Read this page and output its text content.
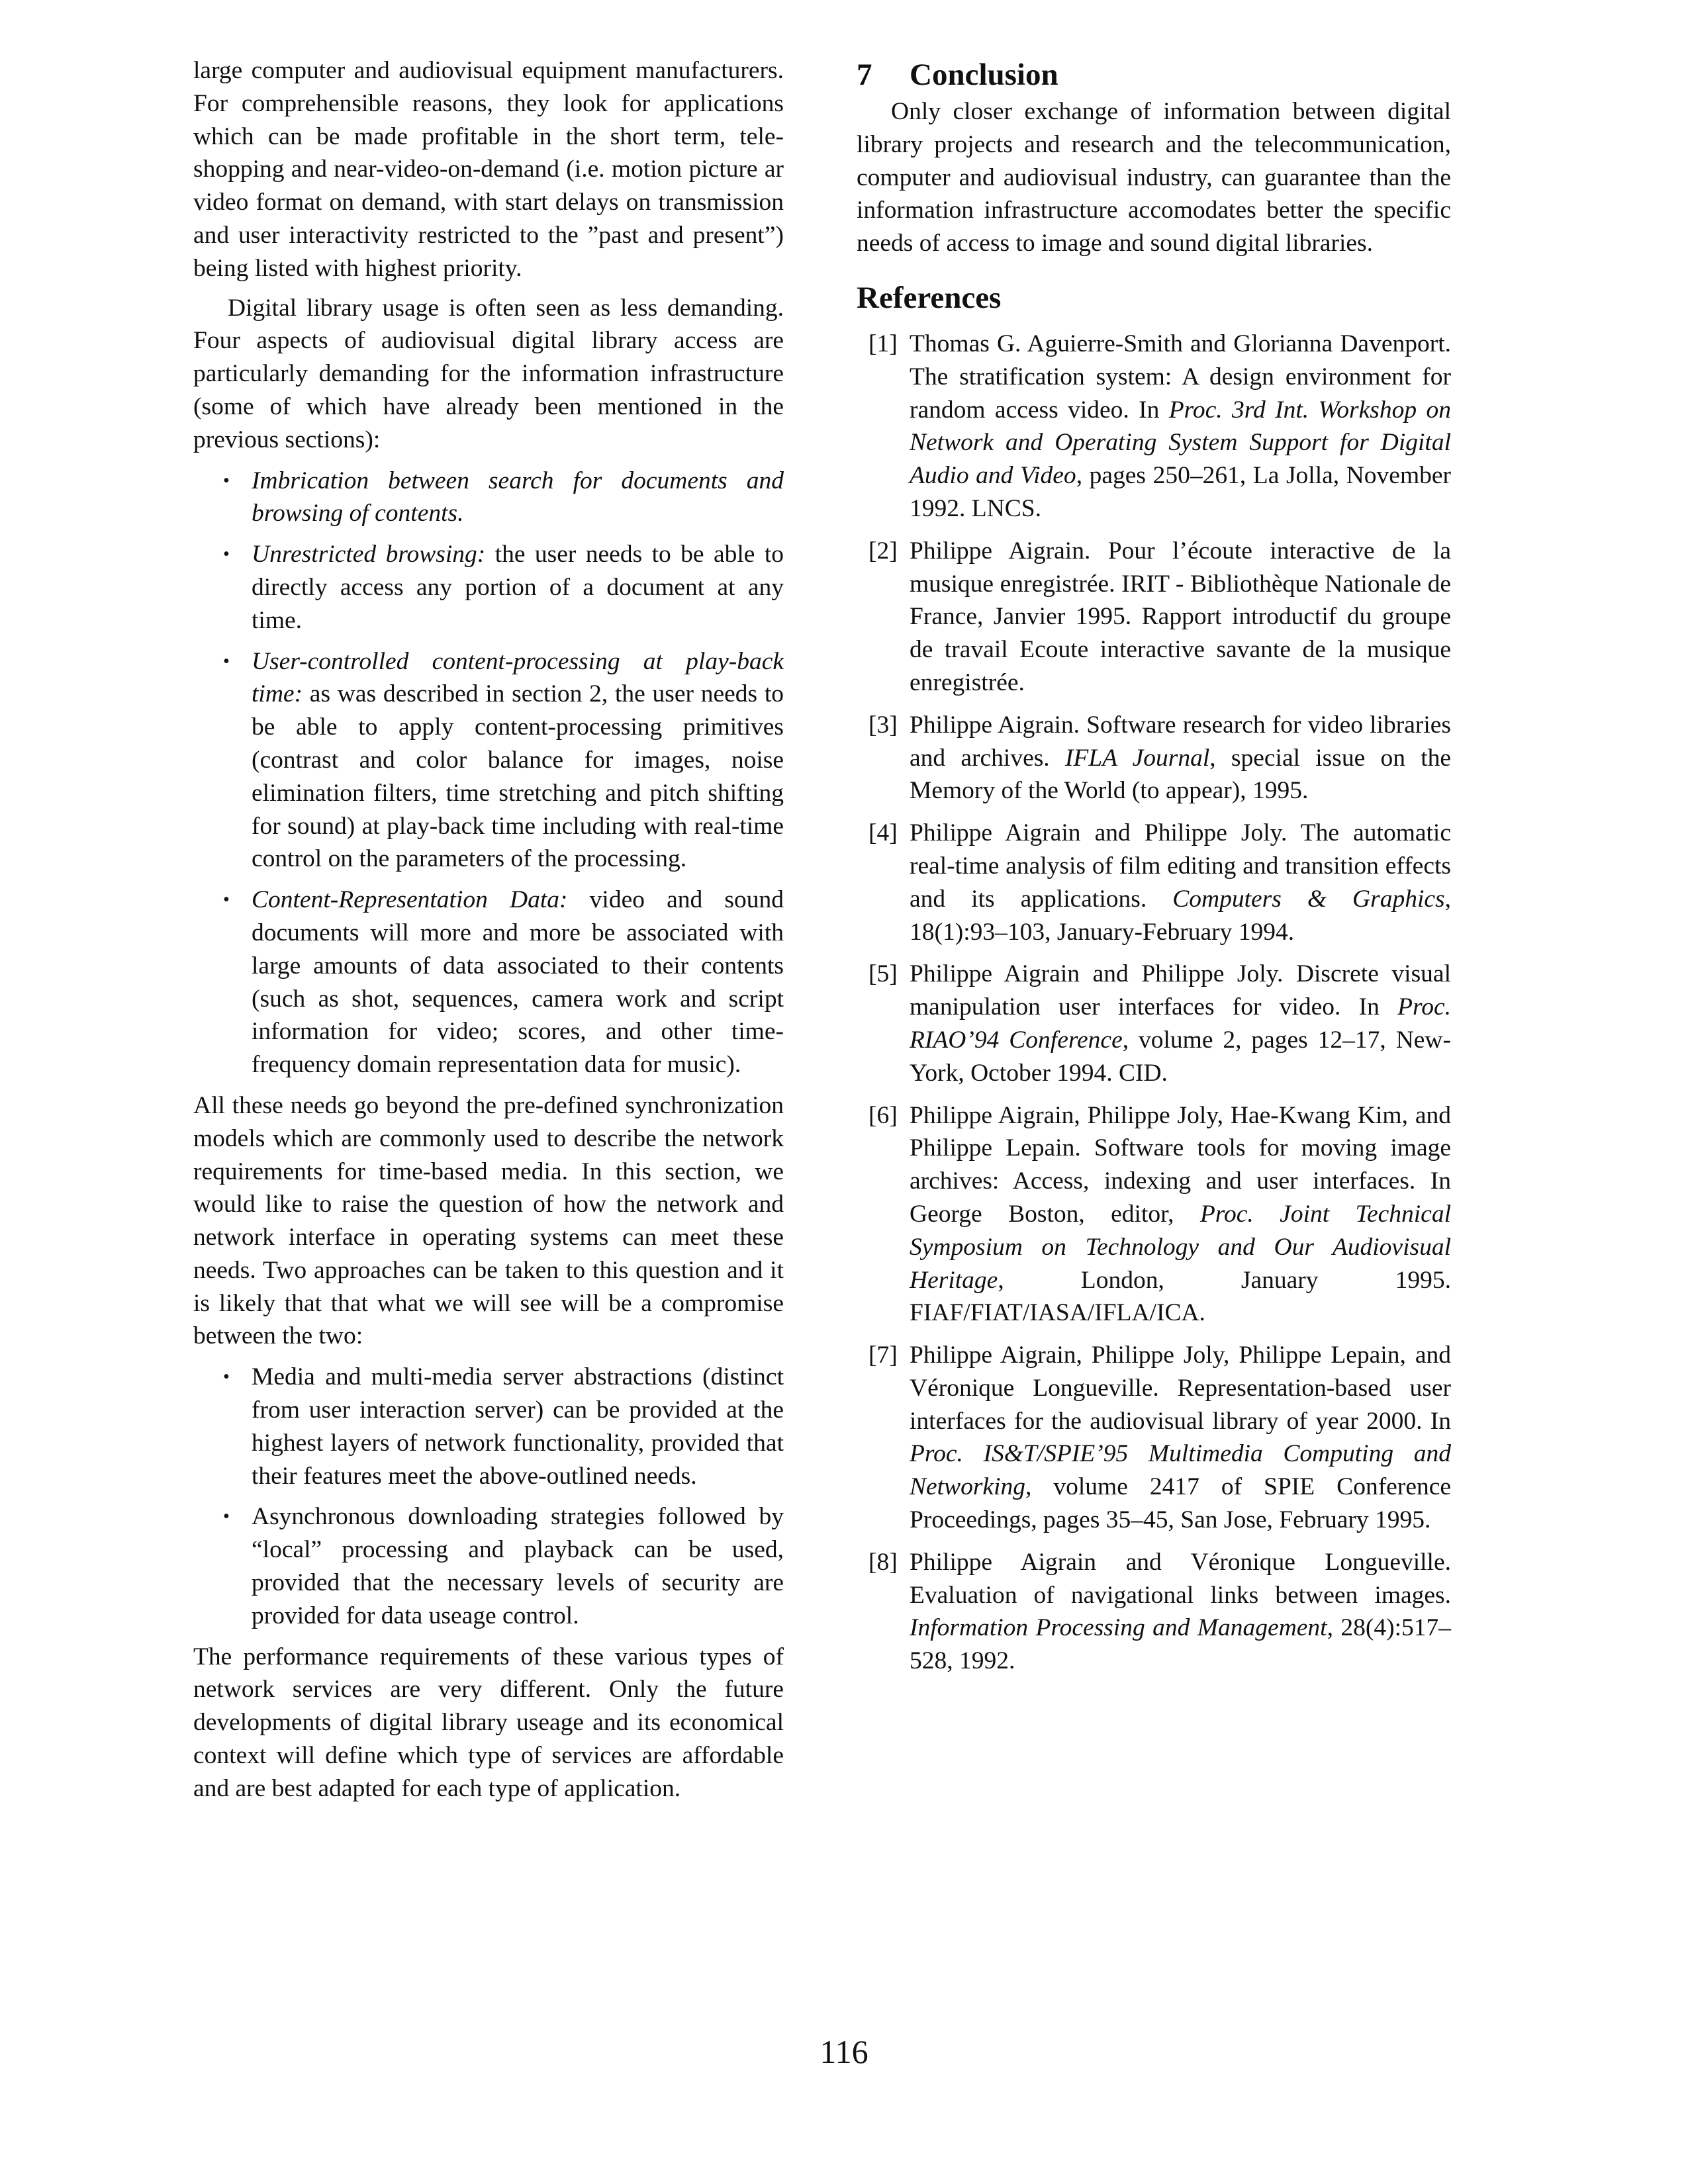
large computer and audiovisual equipment manufacturers. For comprehensible reasons, they look for applications which can be made profitable in the short term, tele-shopping and near-video-on-demand (i.e. motion picture ar video format on demand, with start delays on transmission and user interactivity restricted to the ”past and present”) being listed with highest priority.

Digital library usage is often seen as less demanding. Four aspects of audiovisual digital library access are particularly demanding for the information infrastructure (some of which have already been mentioned in the previous sections):

• Imbrication between search for documents and browsing of contents.
• Unrestricted browsing: the user needs to be able to directly access any portion of a document at any time.
• User-controlled content-processing at play-back time: as was described in section 2, the user needs to be able to apply content-processing primitives (contrast and color balance for images, noise elimination filters, time stretching and pitch shifting for sound) at play-back time including with real-time control on the parameters of the processing.
• Content-Representation Data: video and sound documents will more and more be associated with large amounts of data associated to their contents (such as shot, sequences, camera work and script information for video; scores, and other time-frequency domain representation data for music).

All these needs go beyond the pre-defined synchronization models which are commonly used to describe the network requirements for time-based media. In this section, we would like to raise the question of how the network and network interface in operating systems can meet these needs. Two approaches can be taken to this question and it is likely that that what we will see will be a compromise between the two:

• Media and multi-media server abstractions (distinct from user interaction server) can be provided at the highest layers of network functionality, provided that their features meet the above-outlined needs.
• Asynchronous downloading strategies followed by “local” processing and playback can be used, provided that the necessary levels of security are provided for data useage control.

The performance requirements of these various types of network services are very different. Only the future developments of digital library useage and its economical context will define which type of services are affordable and are best adapted for each type of application.

7 Conclusion

Only closer exchange of information between digital library projects and research and the telecommunication, computer and audiovisual industry, can guarantee than the information infrastructure accomodates better the specific needs of access to image and sound digital libraries.

References
[1] Thomas G. Aguierre-Smith and Glorianna Davenport. The stratification system: A design environment for random access video. In Proc. 3rd Int. Workshop on Network and Operating System Support for Digital Audio and Video, pages 250–261, La Jolla, November 1992. LNCS.
[2] Philippe Aigrain. Pour l’écoute interactive de la musique enregistrée. IRIT - Bibliothèque Nationale de France, Janvier 1995. Rapport introductif du groupe de travail Ecoute interactive savante de la musique enregistrée.
[3] Philippe Aigrain. Software research for video libraries and archives. IFLA Journal, special issue on the Memory of the World (to appear), 1995.
[4] Philippe Aigrain and Philippe Joly. The automatic real-time analysis of film editing and transition effects and its applications. Computers & Graphics, 18(1):93–103, January-February 1994.
[5] Philippe Aigrain and Philippe Joly. Discrete visual manipulation user interfaces for video. In Proc. RIAO’94 Conference, volume 2, pages 12–17, New-York, October 1994. CID.
[6] Philippe Aigrain, Philippe Joly, Hae-Kwang Kim, and Philippe Lepain. Software tools for moving image archives: Access, indexing and user interfaces. In George Boston, editor, Proc. Joint Technical Symposium on Technology and Our Audiovisual Heritage, London, January 1995. FIAF/FIAT/IASA/IFLA/ICA.
[7] Philippe Aigrain, Philippe Joly, Philippe Lepain, and Véronique Longueville. Representation-based user interfaces for the audiovisual library of year 2000. In Proc. IS&T/SPIE’95 Multimedia Computing and Networking, volume 2417 of SPIE Conference Proceedings, pages 35–45, San Jose, February 1995.
[8] Philippe Aigrain and Véronique Longueville. Evaluation of navigational links between images. Information Processing and Management, 28(4):517–528, 1992.
116
